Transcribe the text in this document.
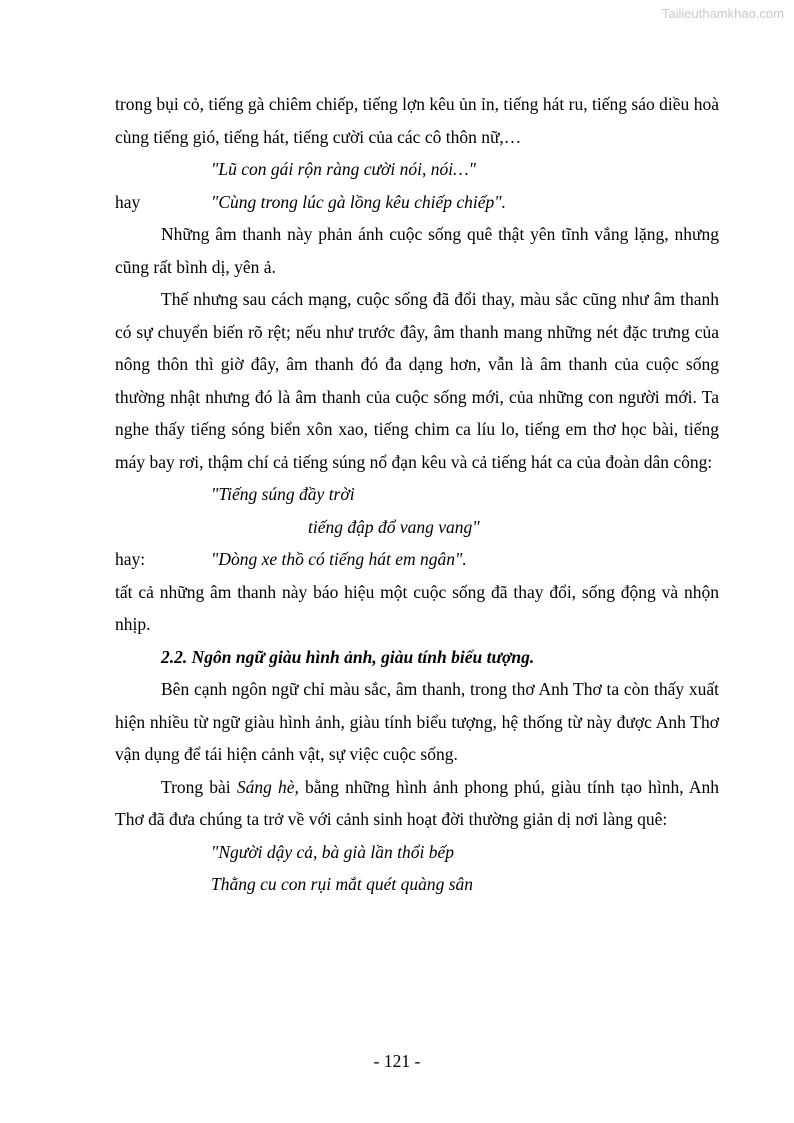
Tailieuthamkhao.com

trong bụi cỏ, tiếng gà chiêm chiếp, tiếng lợn kêu ủn ỉn, tiếng hát ru, tiếng sáo diều hoà cùng tiếng gió, tiếng hát, tiếng cười của các cô thôn nữ,…

"Lũ con gái rộn ràng cười nói, nói…"
hay	"Cùng trong lúc gà lồng kêu chiếp chiếp".

Những âm thanh này phản ánh cuộc sống quê thật yên tĩnh vắng lặng, nhưng cũng rất bình dị, yên ả.

Thế nhưng sau cách mạng, cuộc sống đã đổi thay, màu sắc cũng như âm thanh có sự chuyển biến rõ rệt; nếu như trước đây, âm thanh mang những nét đặc trưng của nông thôn thì giờ đây, âm thanh đó đa dạng hơn, vẫn là âm thanh của cuộc sống thường nhật nhưng đó là âm thanh của cuộc sống mới, của những con người mới. Ta nghe thấy tiếng sóng biển xôn xao, tiếng chim ca líu lo, tiếng em thơ học bài, tiếng máy bay rơi, thậm chí cả tiếng súng nổ đạn kêu và cả tiếng hát ca của đoàn dân công:

"Tiếng súng đầy trời
tiếng đập đổ vang vang"
hay:	"Dòng xe thồ có tiếng hát em ngân".

tất cả những âm thanh này báo hiệu một cuộc sống đã thay đổi, sống động và nhộn nhịp.

2.2. Ngôn ngữ giàu hình ảnh, giàu tính biểu tượng.

Bên cạnh ngôn ngữ chỉ màu sắc, âm thanh, trong thơ Anh Thơ ta còn thấy xuất hiện nhiều từ ngữ giàu hình ảnh, giàu tính biểu tượng, hệ thống từ này được Anh Thơ vận dụng để tái hiện cảnh vật, sự việc cuộc sống.

Trong bài Sáng hè, bằng những hình ảnh phong phú, giàu tính tạo hình, Anh Thơ đã đưa chúng ta trở về với cảnh sinh hoạt đời thường giản dị nơi làng quê:

"Người dậy cả, bà già lần thổi bếp
Thằng cu con rụi mắt quét quàng sân
- 121 -
